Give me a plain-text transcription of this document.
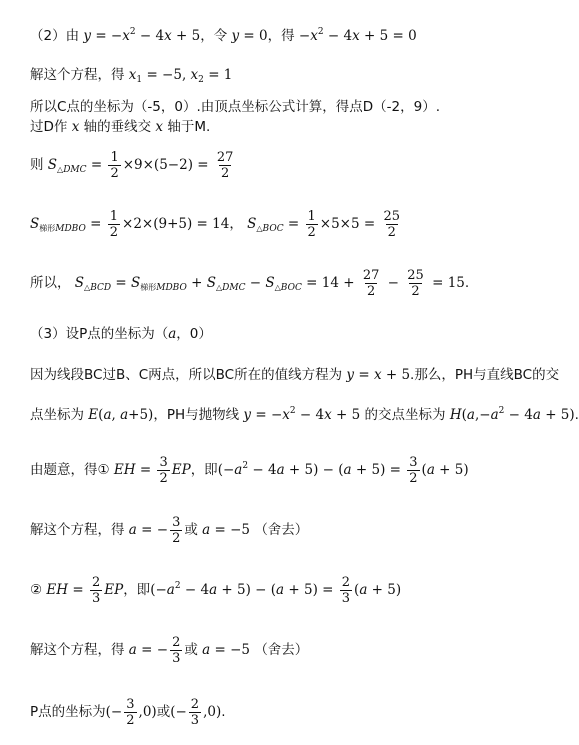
（2）由 $y = -x^2 - 4x + 5$，令 y = 0，得 $-x^2 - 4x + 5 = 0$
解这个方程，得 $x_1 = -5$, $x_2 = 1$
所以C点的坐标为（-5，0）.由顶点坐标公式计算，得点D（-2，9）.
过D作 x 轴的垂线交 x 轴于M.
则 $S_{\triangle DMC} = \frac{1}{2} \times 9\times(5-2) = \frac{27}{2}$
$S_{梯形MDBO} = \frac{1}{2} \times 2\times(9+5) = 14$， $S_{\triangle BOC} = \frac{1}{2} \times 5\times 5 = \frac{25}{2}$
所以， $S_{\triangle BCD} = S_{梯形MDBO} + S_{\triangle DMC} - S_{\triangle BOC} = 14 + \frac{27}{2} - \frac{25}{2} = 15$.
（3）设P点的坐标为（a，0）
因为线段BC过B、C两点，所以BC所在的值线方程为 y = x + 5.那么，PH与直线BC的交
点坐标为 E(a, a+5)，PH与抛物线 $y = -x^2 - 4x + 5$ 的交点坐标为 $H(a,-a^2 - 4a + 5)$.
由题意，得① EH = $\frac{3}{2}$ EP，即$(-a^2 - 4a + 5) - (a + 5) = \frac{3}{2} (a + 5)$
解这个方程，得 a = − $\frac{3}{2}$ 或 a = −5 （舍去）
② EH = $\frac{2}{3}$ EP，即$(-a^2 - 4a + 5) - (a + 5) = \frac{2}{3} (a + 5)$
解这个方程，得 a = − $\frac{2}{3}$ 或 a = −5 （舍去）
P点的坐标为(− $\frac{3}{2} ,0$)或(− $\frac{2}{3} ,0$).
